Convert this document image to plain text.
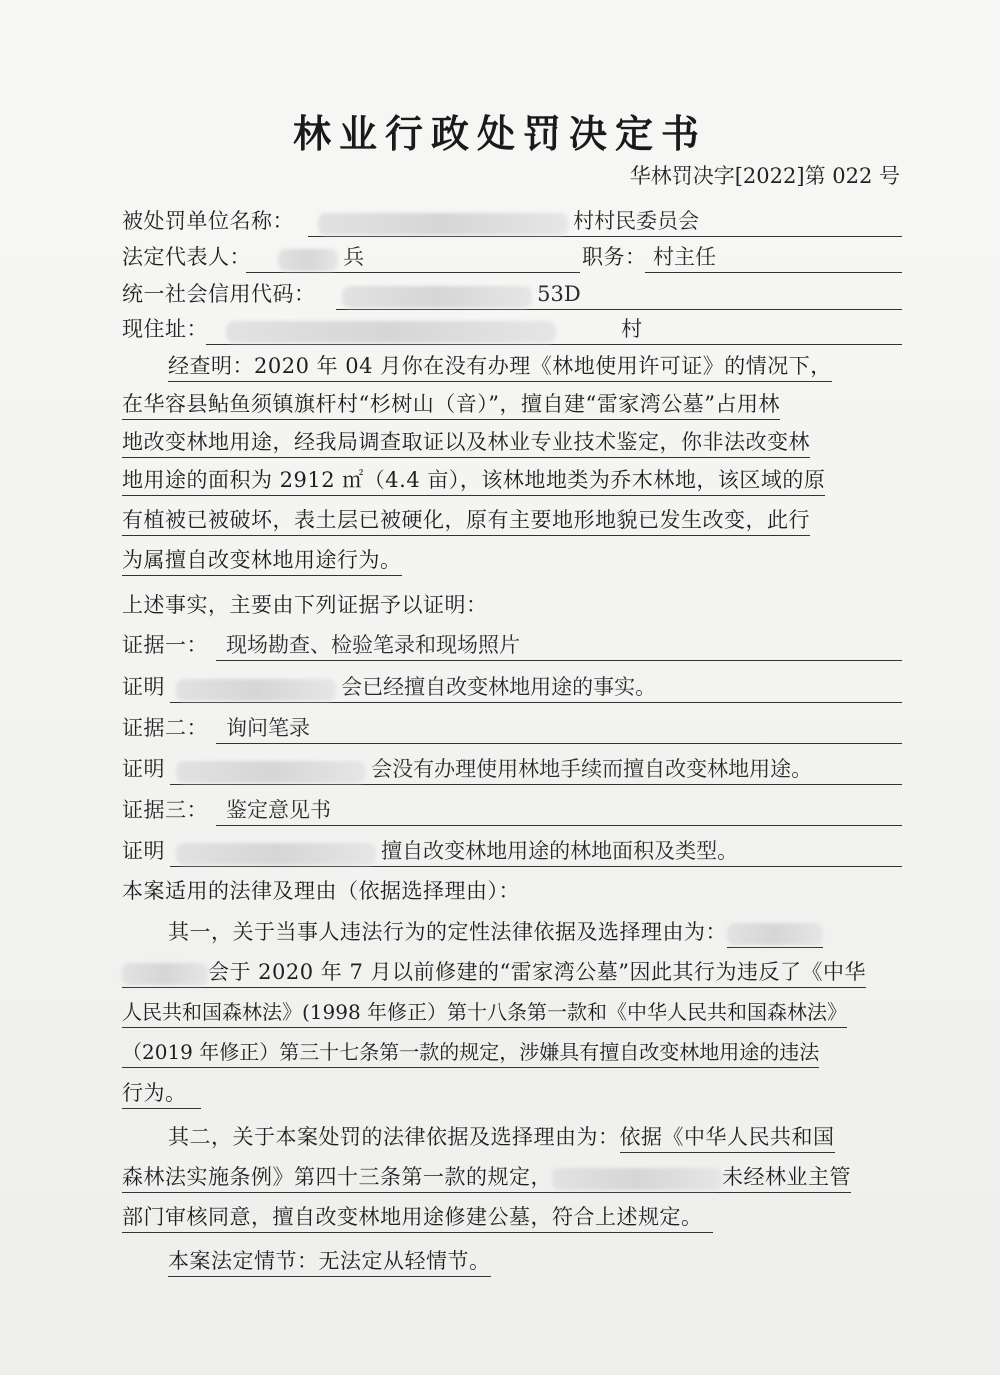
林业行政处罚决定书
华林罚决字[2022]第 022 号
被处罚单位名称：	村村民委员会
法定代表人：	兵	职务： 村主任
统一社会信用代码：	53D
现住址：	村
经查明：2020 年 04 月你在没有办理《林地使用许可证》的情况下，
在华容县鲇鱼须镇旗杆村“杉树山（音）”，擅自建“雷家湾公墓”占用林
地改变林地用途，经我局调查取证以及林业专业技术鉴定，你非法改变林
地用途的面积为 2912 ㎡（4.4 亩），该林地地类为乔木林地，该区域的原
有植被已被破坏，表土层已被硬化，原有主要地形地貌已发生改变，此行
为属擅自改变林地用途行为。
上述事实，主要由下列证据予以证明：
证据一： 现场勘查、检验笔录和现场照片
证明	会已经擅自改变林地用途的事实。
证据二： 询问笔录
证明	会没有办理使用林地手续而擅自改变林地用途。
证据三： 鉴定意见书
证明	擅自改变林地用途的林地面积及类型。
本案适用的法律及理由（依据选择理由）：
其一，关于当事人违法行为的定性法律依据及选择理由为：
会于 2020 年 7 月以前修建的“雷家湾公墓”因此其行为违反了《中华
人民共和国森林法》(1998 年修正）第十八条第一款和《中华人民共和国森林法》
（2019 年修正）第三十七条第一款的规定，涉嫌具有擅自改变林地用途的违法
行为。
其二，关于本案处罚的法律依据及选择理由为：依据《中华人民共和国
森林法实施条例》第四十三条第一款的规定，	未经林业主管
部门审核同意，擅自改变林地用途修建公墓，符合上述规定。
本案法定情节：无法定从轻情节。
